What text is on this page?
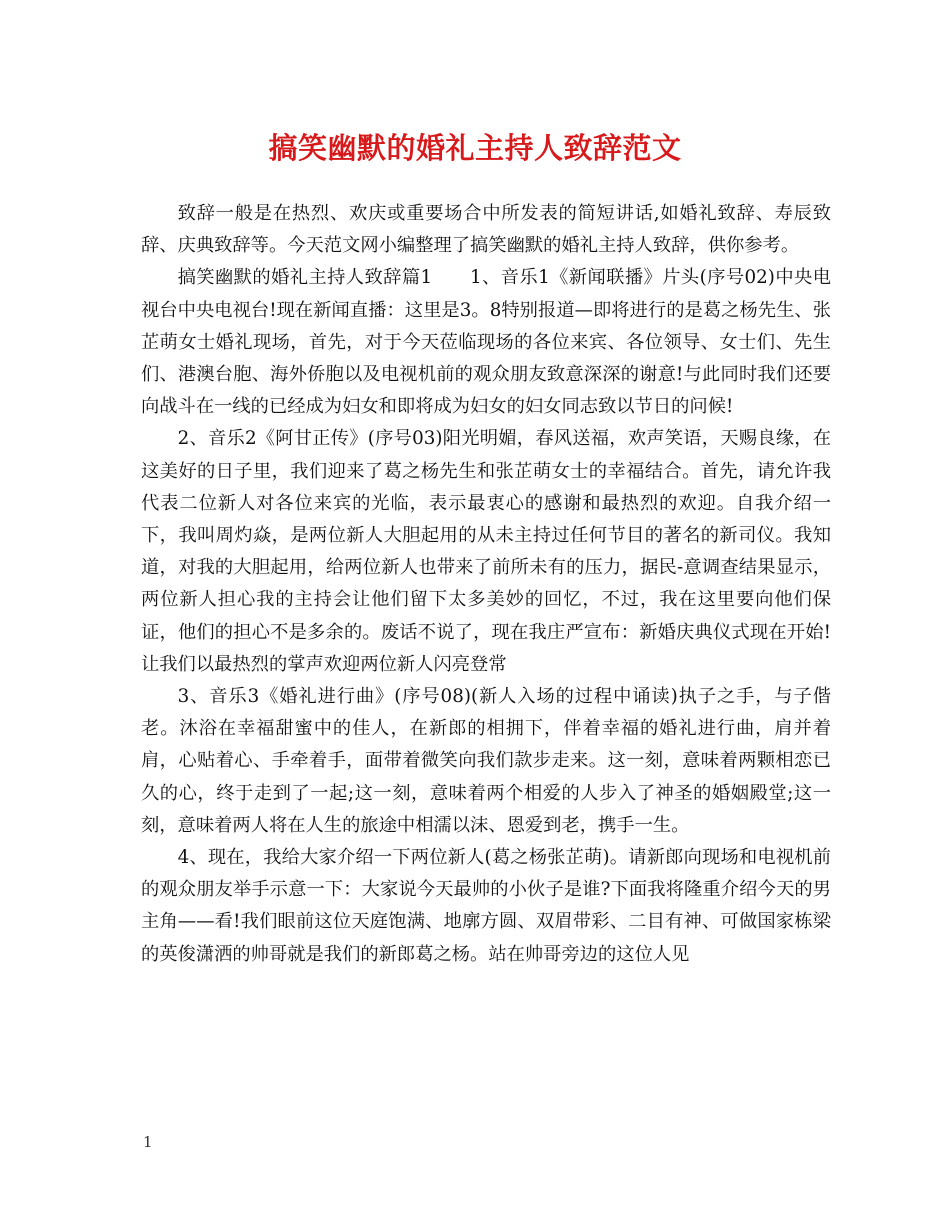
搞笑幽默的婚礼主持人致辞范文

致辞一般是在热烈、欢庆或重要场合中所发表的简短讲话,如婚礼致辞、寿辰致辞、庆典致辞等。今天范文网小编整理了搞笑幽默的婚礼主持人致辞，供你参考。

搞笑幽默的婚礼主持人致辞篇1　　1、音乐1《新闻联播》片头(序号02)中央电视台中央电视台!现在新闻直播：这里是3。8特别报道—即将进行的是葛之杨先生、张芷萌女士婚礼现场，首先，对于今天莅临现场的各位来宾、各位领导、女士们、先生们、港澳台胞、海外侨胞以及电视机前的观众朋友致意深深的谢意!与此同时我们还要向战斗在一线的已经成为妇女和即将成为妇女的妇女同志致以节日的问候!

2、音乐2《阿甘正传》(序号03)阳光明媚，春风送福，欢声笑语，天赐良缘，在这美好的日子里，我们迎来了葛之杨先生和张芷萌女士的幸福结合。首先，请允许我代表二位新人对各位来宾的光临，表示最衷心的感谢和最热烈的欢迎。自我介绍一下，我叫周灼焱，是两位新人大胆起用的从未主持过任何节目的著名的新司仪。我知道，对我的大胆起用，给两位新人也带来了前所未有的压力，据民-意调查结果显示，两位新人担心我的主持会让他们留下太多美妙的回忆，不过，我在这里要向他们保证，他们的担心不是多余的。废话不说了，现在我庄严宣布：新婚庆典仪式现在开始!让我们以最热烈的掌声欢迎两位新人闪亮登常

3、音乐3《婚礼进行曲》(序号08)(新人入场的过程中诵读)执子之手，与子偕老。沐浴在幸福甜蜜中的佳人，在新郎的相拥下，伴着幸福的婚礼进行曲，肩并着肩，心贴着心、手牵着手，面带着微笑向我们款步走来。这一刻，意味着两颗相恋已久的心，终于走到了一起;这一刻，意味着两个相爱的人步入了神圣的婚姻殿堂;这一刻，意味着两人将在人生的旅途中相濡以沫、恩爱到老，携手一生。

4、现在，我给大家介绍一下两位新人(葛之杨张芷萌)。请新郎向现场和电视机前的观众朋友举手示意一下：大家说今天最帅的小伙子是谁?下面我将隆重介绍今天的男主角——看!我们眼前这位天庭饱满、地廓方圆、双眉带彩、二目有神、可做国家栋梁的英俊潇洒的帅哥就是我们的新郎葛之杨。站在帅哥旁边的这位人见

1
